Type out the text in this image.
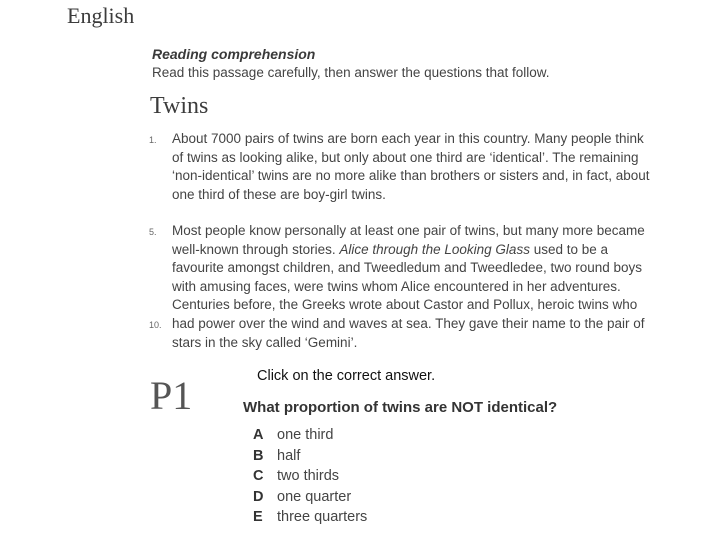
English
Reading comprehension
Read this passage carefully, then answer the questions that follow.
Twins
1. About 7000 pairs of twins are born each year in this country. Many people think
of twins as looking alike, but only about one third are ‘identical’. The remaining
‘non-identical’ twins are no more alike than brothers or sisters and, in fact, about
one third of these are boy-girl twins.
5. Most people know personally at least one pair of twins, but many more became
well-known through stories. Alice through the Looking Glass used to be a
favourite amongst children, and Tweedledum and Tweedledee, two round boys
with amusing faces, were twins whom Alice encountered in her adventures.
Centuries before, the Greeks wrote about Castor and Pollux, heroic twins who
10. had power over the wind and waves at sea. They gave their name to the pair of
stars in the sky called ‘Gemini’.
P1	Click on the correct answer.
What proportion of twins are NOT identical?
A one third
B half
C two thirds
D one quarter
E three quarters
